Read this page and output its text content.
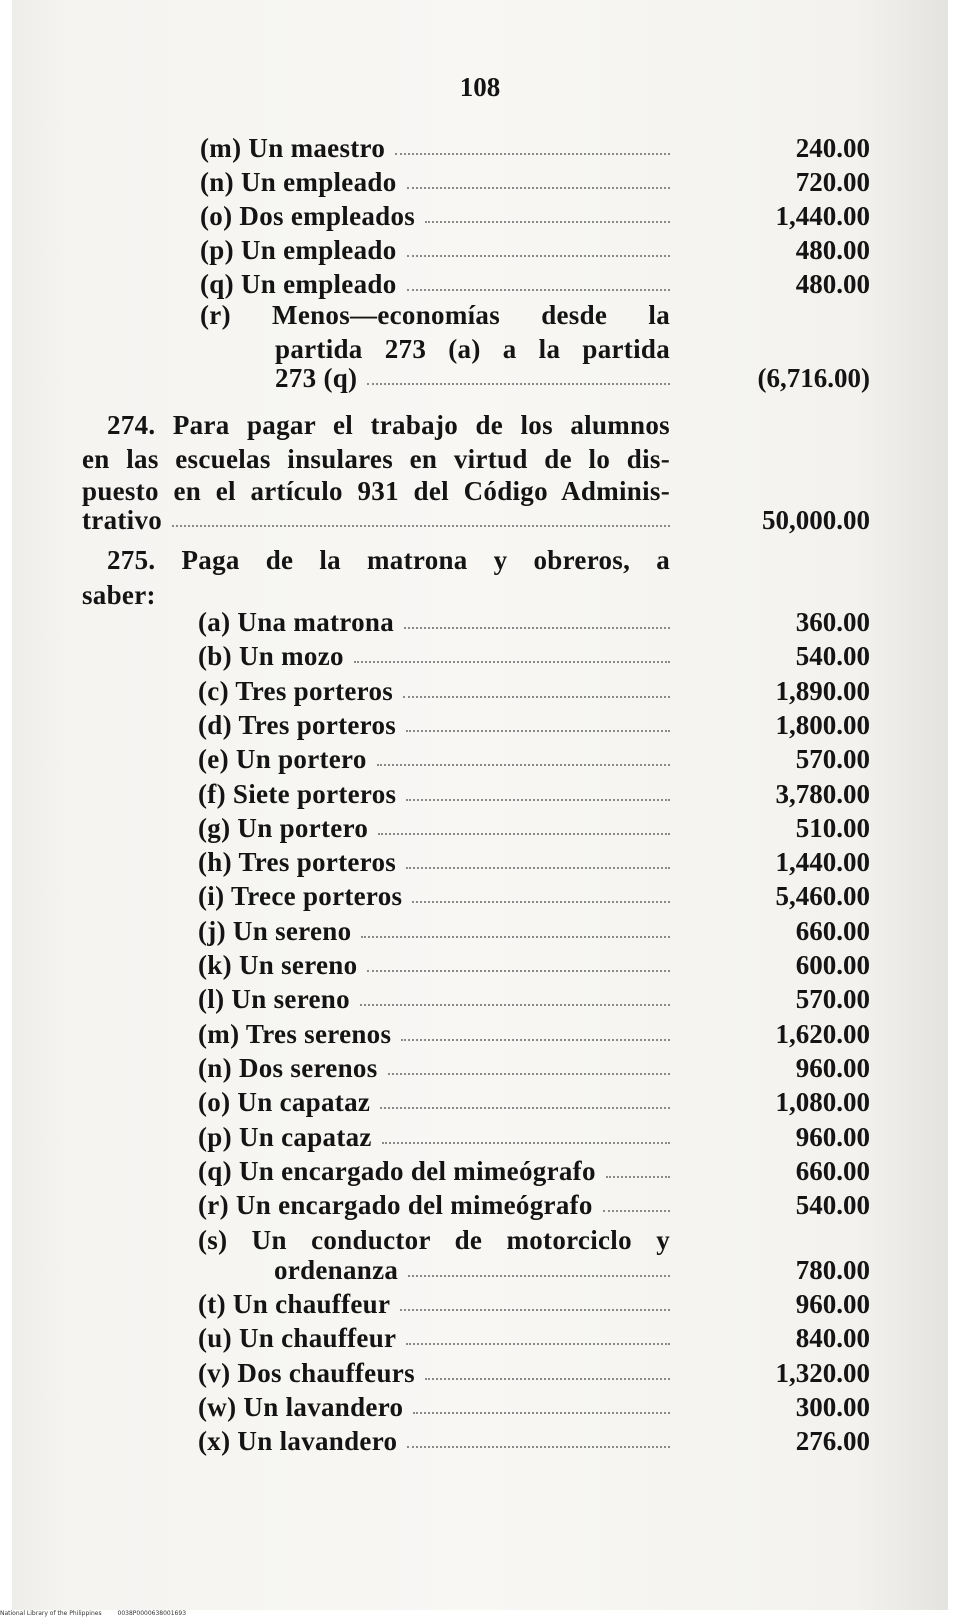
108
(m) Un maestro	240.00
(n) Un empleado	720.00
(o) Dos empleados	1,440.00
(p) Un empleado	480.00
(q) Un empleado	480.00
(r) Menos—economías desde la
partida 273 (a) a la partida
273 (q)	(6,716.00)
274. Para pagar el trabajo de los alumnos
en las escuelas insulares en virtud de lo dis-
puesto en el artículo 931 del Código Adminis-
trativo	50,000.00
275. Paga de la matrona y obreros, a
saber:
(a) Una matrona	360.00
(b) Un mozo	540.00
(c) Tres porteros	1,890.00
(d) Tres porteros	1,800.00
(e) Un portero	570.00
(f) Siete porteros	3,780.00
(g) Un portero	510.00
(h) Tres porteros	1,440.00
(i) Trece porteros	5,460.00
(j) Un sereno	660.00
(k) Un sereno	600.00
(l) Un sereno	570.00
(m) Tres serenos	1,620.00
(n) Dos serenos	960.00
(o) Un capataz	1,080.00
(p) Un capataz	960.00
(q) Un encargado del mimeógrafo	660.00
(r) Un encargado del mimeógrafo	540.00
(s) Un conductor de motorciclo y
ordenanza	780.00
(t) Un chauffeur	960.00
(u) Un chauffeur	840.00
(v) Dos chauffeurs	1,320.00
(w) Un lavandero	300.00
(x) Un lavandero	276.00
National Library of the Philippines	0038P0000638001693
